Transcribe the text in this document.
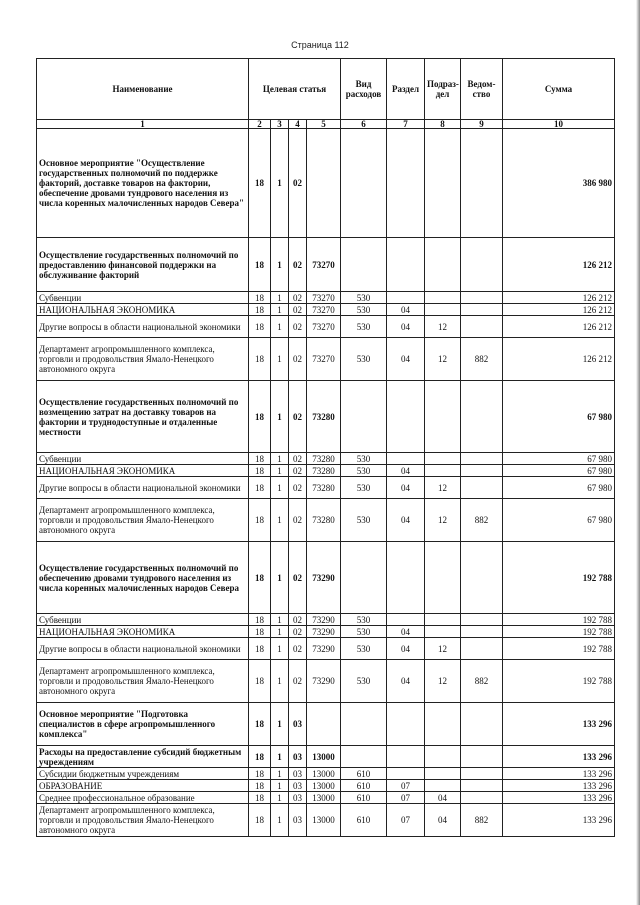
Страница 112
Наименование	Целевая статья				Вид расходов	Раздел	Подраз-дел	Ведом-ство	Сумма
1	2	3	4	5	6	7	8	9	10
Основное мероприятие "Осуществление государственных полномочий по поддержке факторий, доставке товаров на фактории, обеспечение дровами тундрового населения из числа коренных малочисленных народов Севера"	18	1	02						386 980
Осуществление государственных полномочий по предоставлению финансовой поддержки на обслуживание факторий	18	1	02	73270					126 212
Субвенции	18	1	02	73270	530				126 212
НАЦИОНАЛЬНАЯ ЭКОНОМИКА	18	1	02	73270	530	04			126 212
Другие вопросы в области национальной экономики	18	1	02	73270	530	04	12		126 212
Департамент агропромышленного комплекса, торговли и продовольствия Ямало-Ненецкого автономного округа	18	1	02	73270	530	04	12	882	126 212
Осуществление государственных полномочий по возмещению затрат на доставку товаров на фактории и труднодоступные и отдаленные местности	18	1	02	73280					67 980
Субвенции	18	1	02	73280	530				67 980
НАЦИОНАЛЬНАЯ ЭКОНОМИКА	18	1	02	73280	530	04			67 980
Другие вопросы в области национальной экономики	18	1	02	73280	530	04	12		67 980
Департамент агропромышленного комплекса, торговли и продовольствия Ямало-Ненецкого автономного округа	18	1	02	73280	530	04	12	882	67 980
Осуществление государственных полномочий по обеспечению дровами тундрового населения из числа коренных малочисленных народов Севера	18	1	02	73290					192 788
Субвенции	18	1	02	73290	530				192 788
НАЦИОНАЛЬНАЯ ЭКОНОМИКА	18	1	02	73290	530	04			192 788
Другие вопросы в области национальной экономики	18	1	02	73290	530	04	12		192 788
Департамент агропромышленного комплекса, торговли и продовольствия Ямало-Ненецкого автономного округа	18	1	02	73290	530	04	12	882	192 788
Основное мероприятие "Подготовка специалистов в сфере агропромышленного комплекса"	18	1	03						133 296
Расходы на предоставление субсидий бюджетным учреждениям	18	1	03	13000					133 296
Субсидии бюджетным учреждениям	18	1	03	13000	610				133 296
ОБРАЗОВАНИЕ	18	1	03	13000	610	07			133 296
Среднее профессиональное образование	18	1	03	13000	610	07	04		133 296
Департамент агропромышленного комплекса, торговли и продовольствия Ямало-Ненецкого автономного округа	18	1	03	13000	610	07	04	882	133 296
